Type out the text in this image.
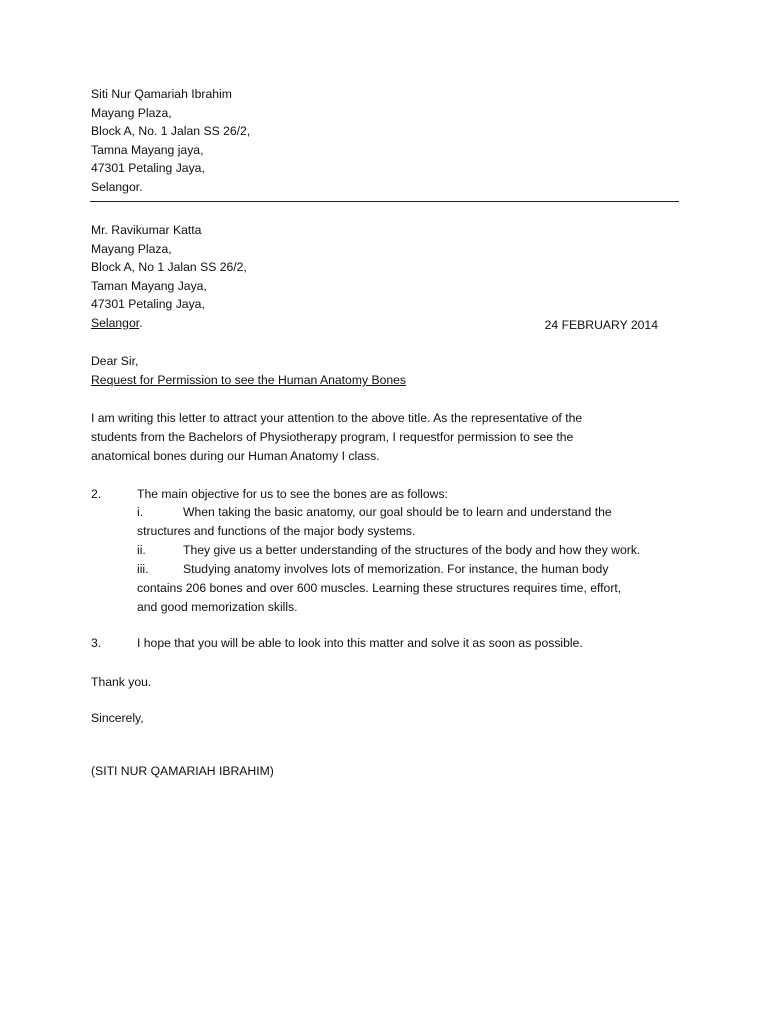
Siti Nur Qamariah Ibrahim
Mayang Plaza,
Block A, No. 1 Jalan SS 26/2,
Tamna Mayang jaya,
47301 Petaling Jaya,
Selangor.
Mr. Ravikumar Katta
Mayang Plaza,
Block A, No 1 Jalan SS 26/2,
Taman Mayang Jaya,
47301 Petaling Jaya,
Selangor.	24 FEBRUARY 2014
Dear Sir,
Request for Permission to see the Human Anatomy Bones
I am writing this letter to attract your attention to the above title. As the representative of the
students from the Bachelors of Physiotherapy program, I requestfor permission to see the
anatomical bones during our Human Anatomy I class.
2.	The main objective for us to see the bones are as follows:
i.	When taking the basic anatomy, our goal should be to learn and understand the
structures and functions of the major body systems.
ii.	They give us a better understanding of the structures of the body and how they work.
iii.	Studying anatomy involves lots of memorization. For instance, the human body
contains 206 bones and over 600 muscles. Learning these structures requires time, effort,
and good memorization skills.
3.	I hope that you will be able to look into this matter and solve it as soon as possible.
Thank you.
Sincerely,
(SITI NUR QAMARIAH IBRAHIM)
